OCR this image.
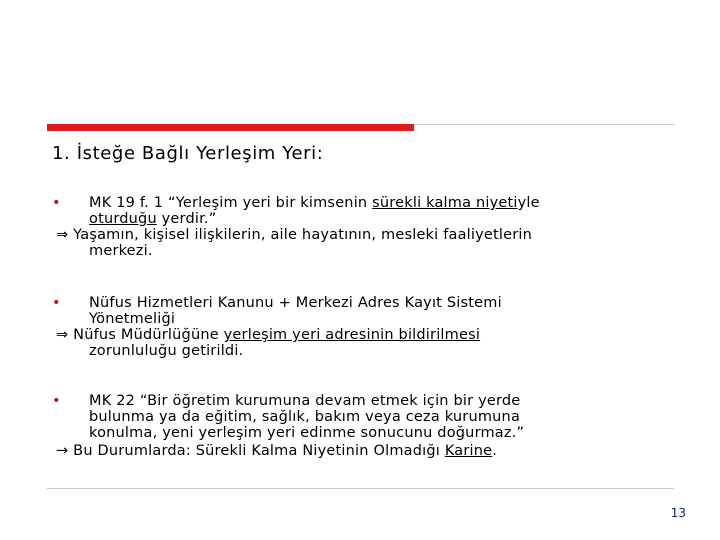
1. İsteğe Bağlı Yerleşim Yeri:
• MK 19 f. 1 “Yerleşim yeri bir kimsenin sürekli kalma niyetiyle
oturduğu yerdir.”
⇒ Yaşamın, kişisel ilişkilerin, aile hayatının, mesleki faaliyetlerin
merkezi.
• Nüfus Hizmetleri Kanunu + Merkezi Adres Kayıt Sistemi
Yönetmeliği
⇒ Nüfus Müdürlüğüne yerleşim yeri adresinin bildirilmesi
zorunluluğu getirildi.
• MK 22 “Bir öğretim kurumuna devam etmek için bir yerde
bulunma ya da eğitim, sağlık, bakım veya ceza kurumuna
konulma, yeni yerleşim yeri edinme sonucunu doğurmaz.”
→ Bu Durumlarda: Sürekli Kalma Niyetinin Olmadığı Karine.
13
